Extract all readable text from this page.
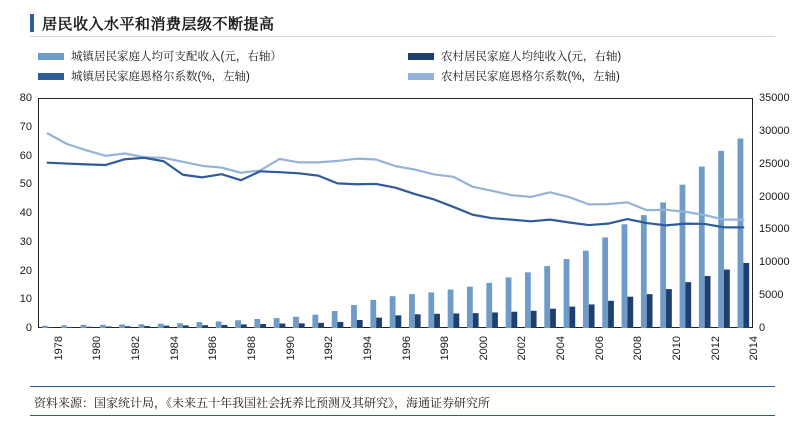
居民收入水平和消费层级不断提高
城镇居民家庭人均可支配收入(元，右轴）	农村居民家庭人均纯收入(元，右轴)
城镇居民家庭恩格尔系数(%，左轴)	农村居民家庭恩格尔系数(%，左轴)
0
10
20
30
40
50
60
70
80
0
5000
10000
15000
20000
25000
30000
35000
1978 1980 1982 1984 1986 1988 1990 1992 1994 1996 1998 2000 2002 2004 2006 2008 2010 2012 2014
资料来源：国家统计局，《未来五十年我国社会抚养比预测及其研究》，海通证券研究所
